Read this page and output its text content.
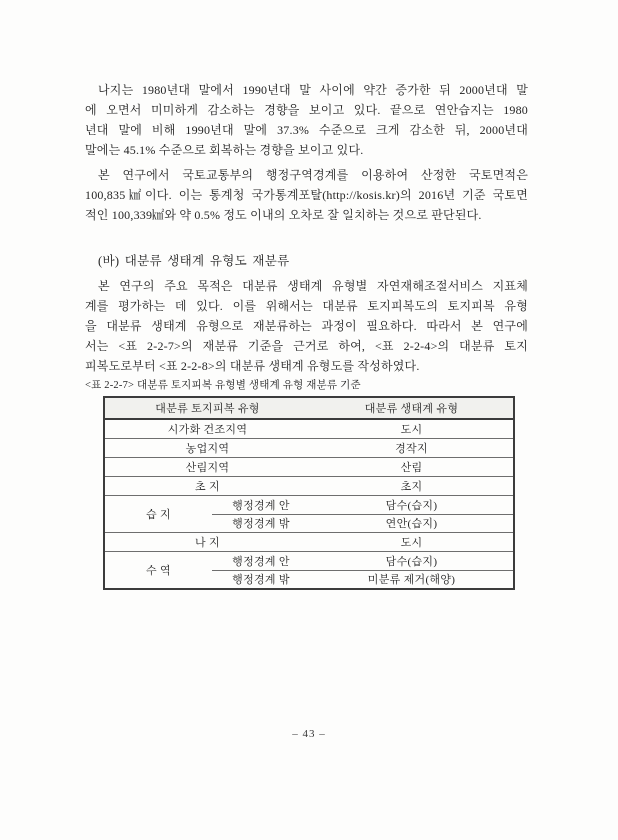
나지는 1980년대 말에서 1990년대 말 사이에 약간 증가한 뒤 2000년대 말
에 오면서 미미하게 감소하는 경향을 보이고 있다. 끝으로 연안습지는 1980
년대 말에 비해 1990년대 말에 37.3% 수준으로 크게 감소한 뒤, 2000년대
말에는 45.1% 수준으로 회복하는 경향을 보이고 있다.
본 연구에서 국토교통부의 행정구역경계를 이용하여 산정한 국토면적은
100,835㎢이다. 이는 통계청 국가통계포탈(http://kosis.kr)의 2016년 기준 국토면
적인 100,339㎢와 약 0.5% 정도 이내의 오차로 잘 일치하는 것으로 판단된다.
(바) 대분류 생태계 유형도 재분류
본 연구의 주요 목적은 대분류 생태계 유형별 자연재해조절서비스 지표체
계를 평가하는 데 있다. 이를 위해서는 대분류 토지피복도의 토지피복 유형
을 대분류 생태계 유형으로 재분류하는 과정이 필요하다. 따라서 본 연구에
서는 <표 2-2-7>의 재분류 기준을 근거로 하여, <표 2-2-4>의 대분류 토지
피복도로부터 <표 2-2-8>의 대분류 생태계 유형도를 작성하였다.
<표 2-2-7> 대분류 토지피복 유형별 생태계 유형 재분류 기준
대분류 토지피복 유형	대분류 생태계 유형
시가화 건조지역	도시
농업지역	경작지
산림지역	산림
초 지	초지
습 지
행정경계 안	담수(습지)
행정경계 밖	연안(습지)
나 지	도시
수 역
행정경계 안	담수(습지)
행정경계 밖	미분류 제거(해양)
– 43 –
